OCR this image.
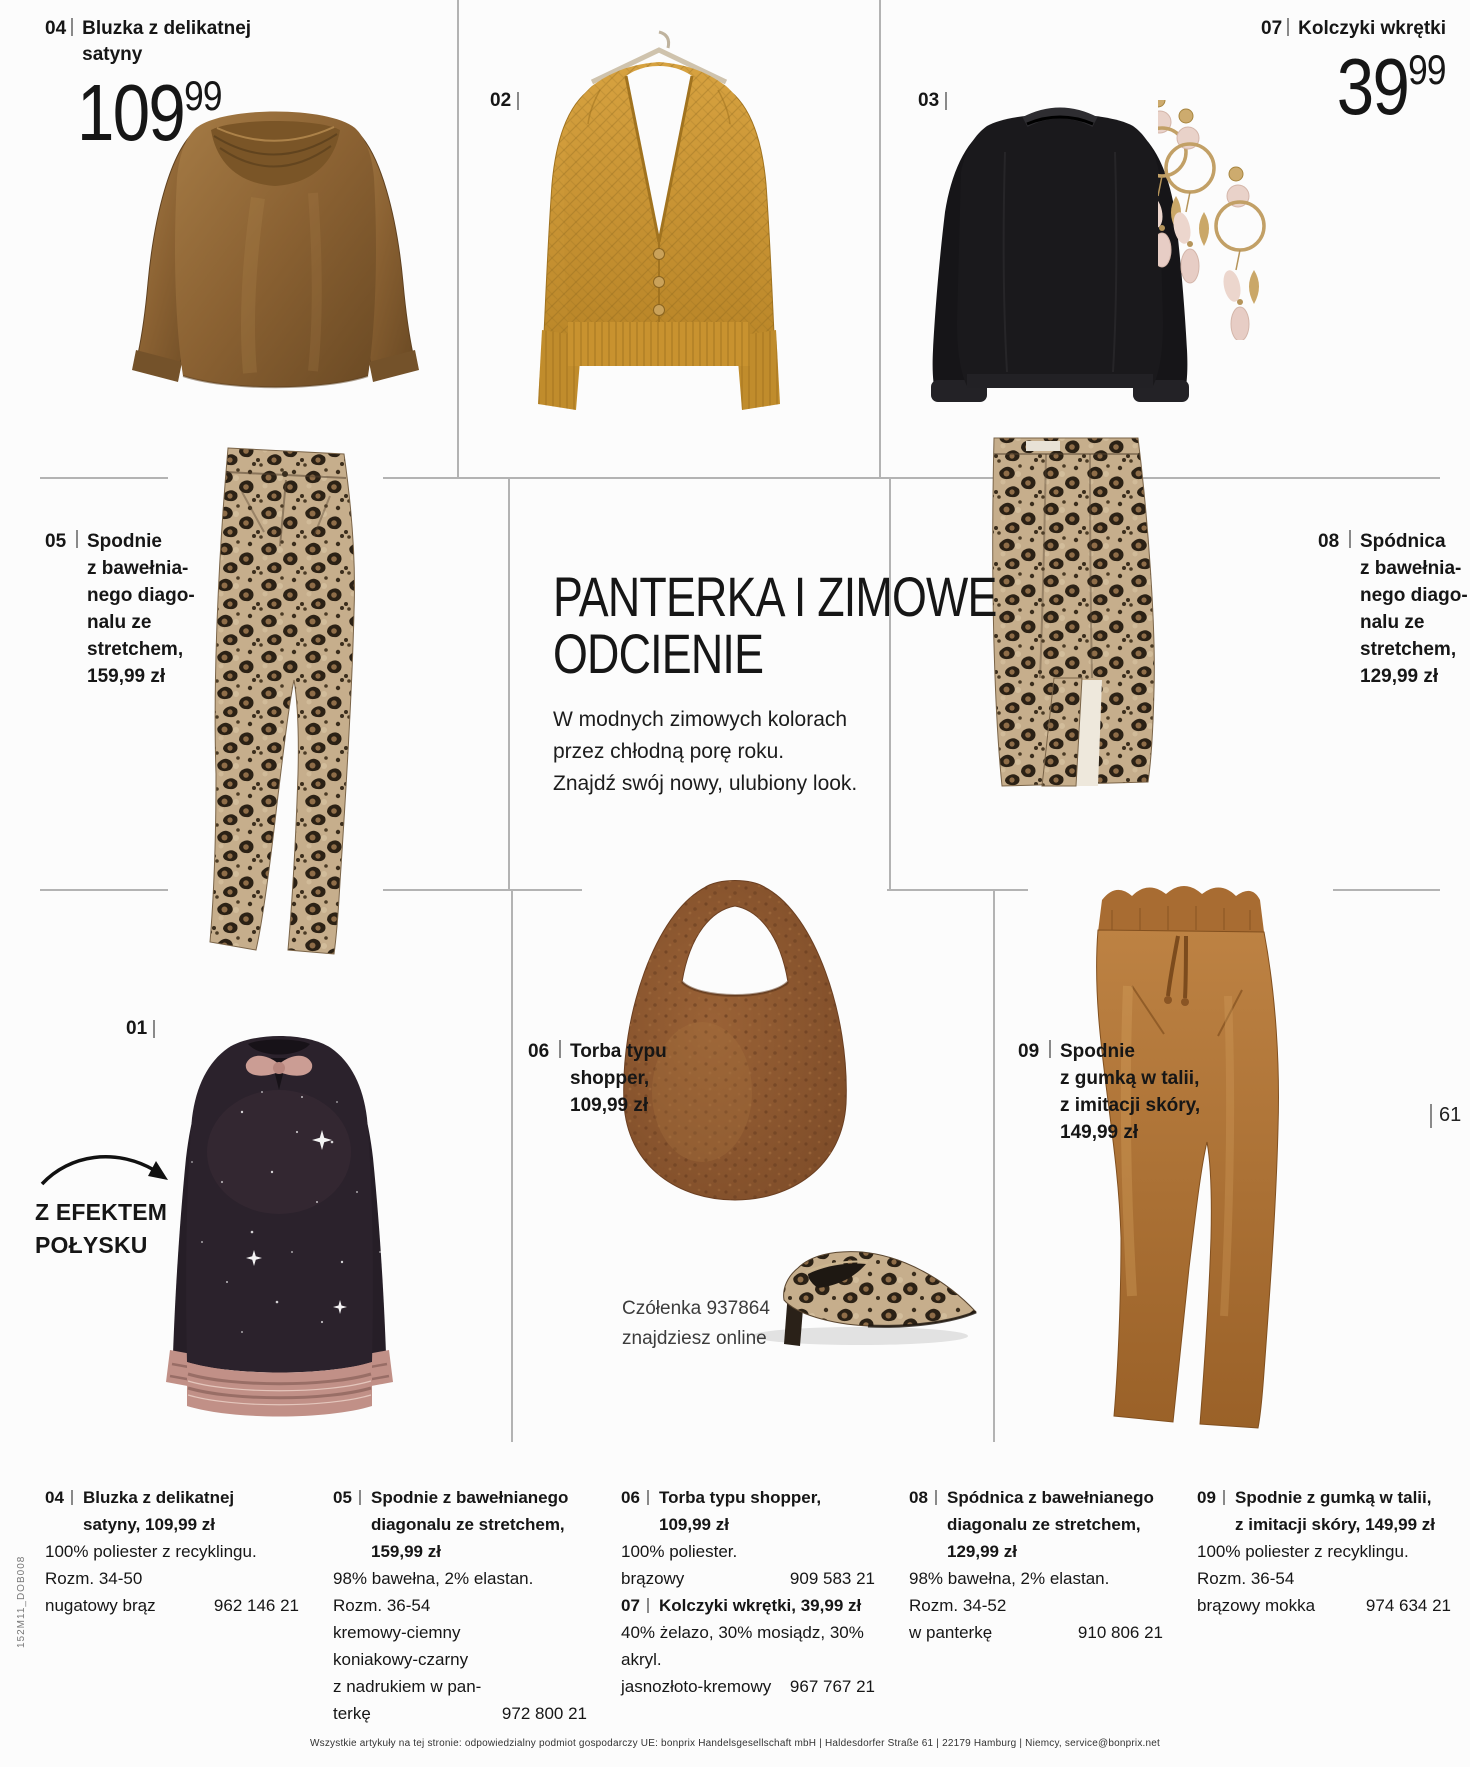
04 Bluzka z delikatnej
satyny
10999
07 Kolczyki wkrętki
3999
02	03
01
PANTERKA I ZIMOWE
ODCIENIE
W modnych zimowych kolorach
przez chłodną porę roku.
Znajdź swój nowy, ulubiony look.
05 Spodnie
z bawełnia-
nego diago-
nalu ze
stretchem,
159,99 zł
08 Spódnica
z bawełnia-
nego diago-
nalu ze
stretchem,
129,99 zł
06 Torba typu
shopper,
109,99 zł
09 Spodnie
z gumką w talii,
z imitacji skóry,
149,99 zł
Z EFEKTEM
POŁYSKU
Czółenka 937864
znajdziesz online
61
152M11_DOB008
04 Bluzka z delikatnej
satyny, 109,99 zł
100% poliester z recyklingu.
Rozm. 34-50
nugatowy brąz	962 146 21
05 Spodnie z bawełnianego
diagonalu ze stretchem,
159,99 zł
98% bawełna, 2% elastan.
Rozm. 36-54
kremowy-ciemny
koniakowy-czarny
z nadrukiem w pan-
terkę	972 800 21
06 Torba typu shopper,
109,99 zł
100% poliester.
brązowy	909 583 21
07 Kolczyki wkrętki, 39,99 zł
40% żelazo, 30% mosiądz, 30%
akryl.
jasnozłoto-kremowy 967 767 21
08 Spódnica z bawełnianego
diagonalu ze stretchem,
129,99 zł
98% bawełna, 2% elastan.
Rozm. 34-52
w panterkę	910 806 21
09 Spodnie z gumką w talii,
z imitacji skóry, 149,99 zł
100% poliester z recyklingu.
Rozm. 36-54
brązowy mokka	974 634 21
Wszystkie artykuły na tej stronie: odpowiedzialny podmiot gospodarczy UE: bonprix Handelsgesellschaft mbH | Haldesdorfer Straße 61 | 22179 Hamburg | Niemcy, service@bonprix.net
